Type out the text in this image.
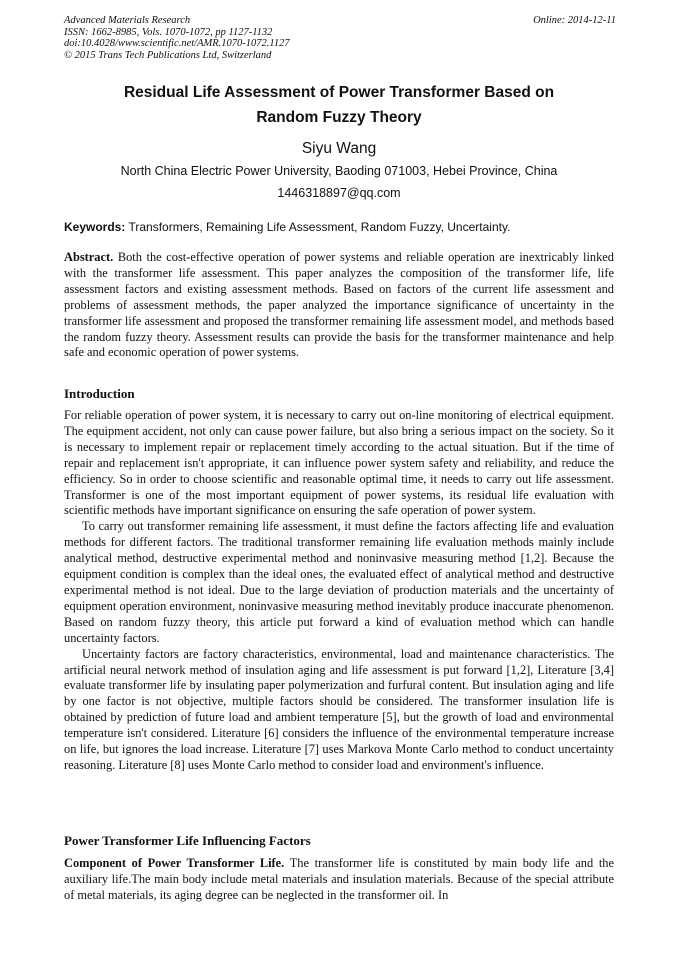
Advanced Materials Research
ISSN: 1662-8985, Vols. 1070-1072, pp 1127-1132
doi:10.4028/www.scientific.net/AMR.1070-1072.1127
© 2015 Trans Tech Publications Ltd, Switzerland
Online: 2014-12-11
Residual Life Assessment of Power Transformer Based on
Random Fuzzy Theory
Siyu Wang
North China Electric Power University, Baoding 071003, Hebei Province, China
1446318897@qq.com
Keywords: Transformers, Remaining Life Assessment, Random Fuzzy, Uncertainty.
Abstract. Both the cost-effective operation of power systems and reliable operation are inextricably linked with the transformer life assessment. This paper analyzes the composition of the transformer life, life assessment factors and existing assessment methods. Based on factors of the current life assessment and problems of assessment methods, the paper analyzed the importance significance of uncertainty in the transformer life assessment and proposed the transformer remaining life assessment model, and methods based the random fuzzy theory. Assessment results can provide the basis for the transformer maintenance and help safe and economic operation of power systems.
Introduction

For reliable operation of power system, it is necessary to carry out on-line monitoring of electrical equipment. The equipment accident, not only can cause power failure, but also bring a serious impact on the society. So it is necessary to implement repair or replacement timely according to the actual situation. But if the time of repair and replacement isn't appropriate, it can influence power system safety and reliability, and reduce the efficiency. So in order to choose scientific and reasonable optimal time, it needs to carry out life assessment. Transformer is one of the most important equipment of power systems, its residual life evaluation with scientific methods have important significance on ensuring the safe operation of power system.

To carry out transformer remaining life assessment, it must define the factors affecting life and evaluation methods for different factors. The traditional transformer remaining life evaluation methods mainly include analytical method, destructive experimental method and noninvasive measuring method [1,2]. Because the equipment condition is complex than the ideal ones, the evaluated effect of analytical method and destructive experimental method is not ideal. Due to the large deviation of production materials and the uncertainty of equipment operation environment, noninvasive measuring method inevitably produce inaccurate phenomenon. Based on random fuzzy theory, this article put forward a kind of evaluation method which can handle uncertainty factors.

Uncertainty factors are factory characteristics, environmental, load and maintenance characteristics. The artificial neural network method of insulation aging and life assessment is put forward [1,2], Literature [3,4] evaluate transformer life by insulating paper polymerization and furfural content. But insulation aging and life by one factor is not objective, multiple factors should be considered. The transformer insulation life is obtained by prediction of future load and ambient temperature [5], but the growth of load and environmental temperature isn't considered. Literature [6] considers the influence of the environmental temperature increase on life, but ignores the load increase. Literature [7] uses Markova Monte Carlo method to conduct uncertainty reasoning. Literature [8] uses Monte Carlo method to consider load and environment's influence.

Power Transformer Life Influencing Factors
Component of Power Transformer Life. The transformer life is constituted by main body life and the auxiliary life.The main body include metal materials and insulation materials. Because of the special attribute of metal materials, its aging degree can be neglected in the transformer oil. In
